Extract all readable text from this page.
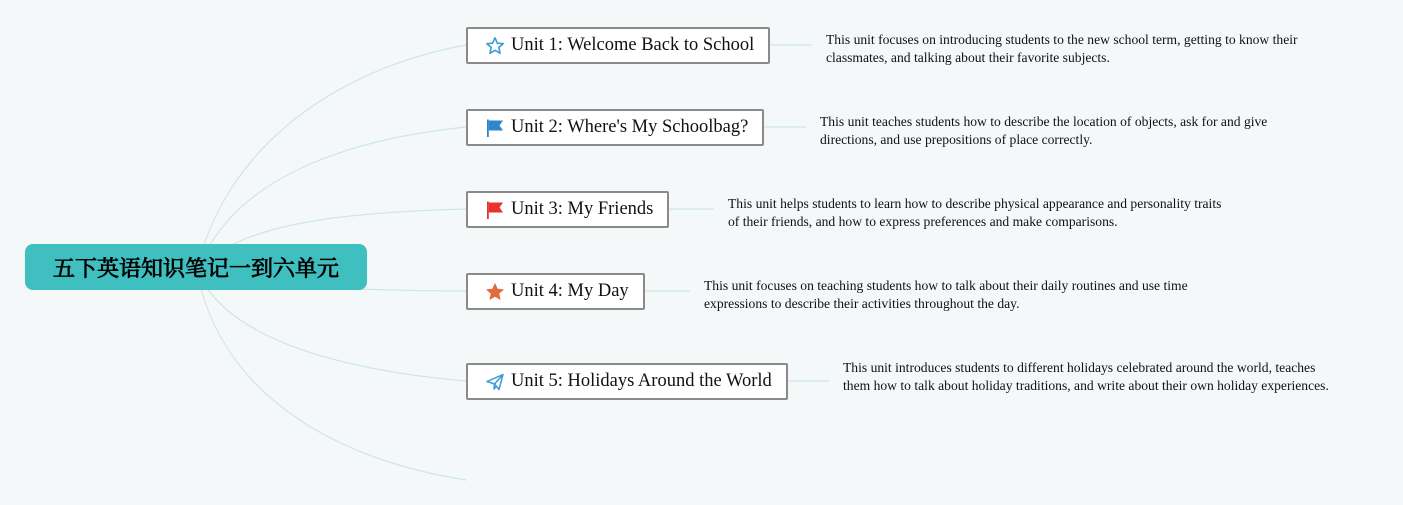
五下英语知识笔记一到六单元
Unit 1: Welcome Back to School	This unit focuses on introducing students to the new school term, getting to know their classmates, and talking about their favorite subjects.
Unit 2: Where's My Schoolbag?	This unit teaches students how to describe the location of objects, ask for and give directions, and use prepositions of place correctly.
Unit 3: My Friends	This unit helps students to learn how to describe physical appearance and personality traits of their friends, and how to express preferences and make comparisons.
Unit 4: My Day	This unit focuses on teaching students how to talk about their daily routines and use time expressions to describe their activities throughout the day.
Unit 5: Holidays Around the World
This unit introduces students to different holidays celebrated around the world, teaches them how to talk about holiday traditions, and write about their own holiday experiences.
